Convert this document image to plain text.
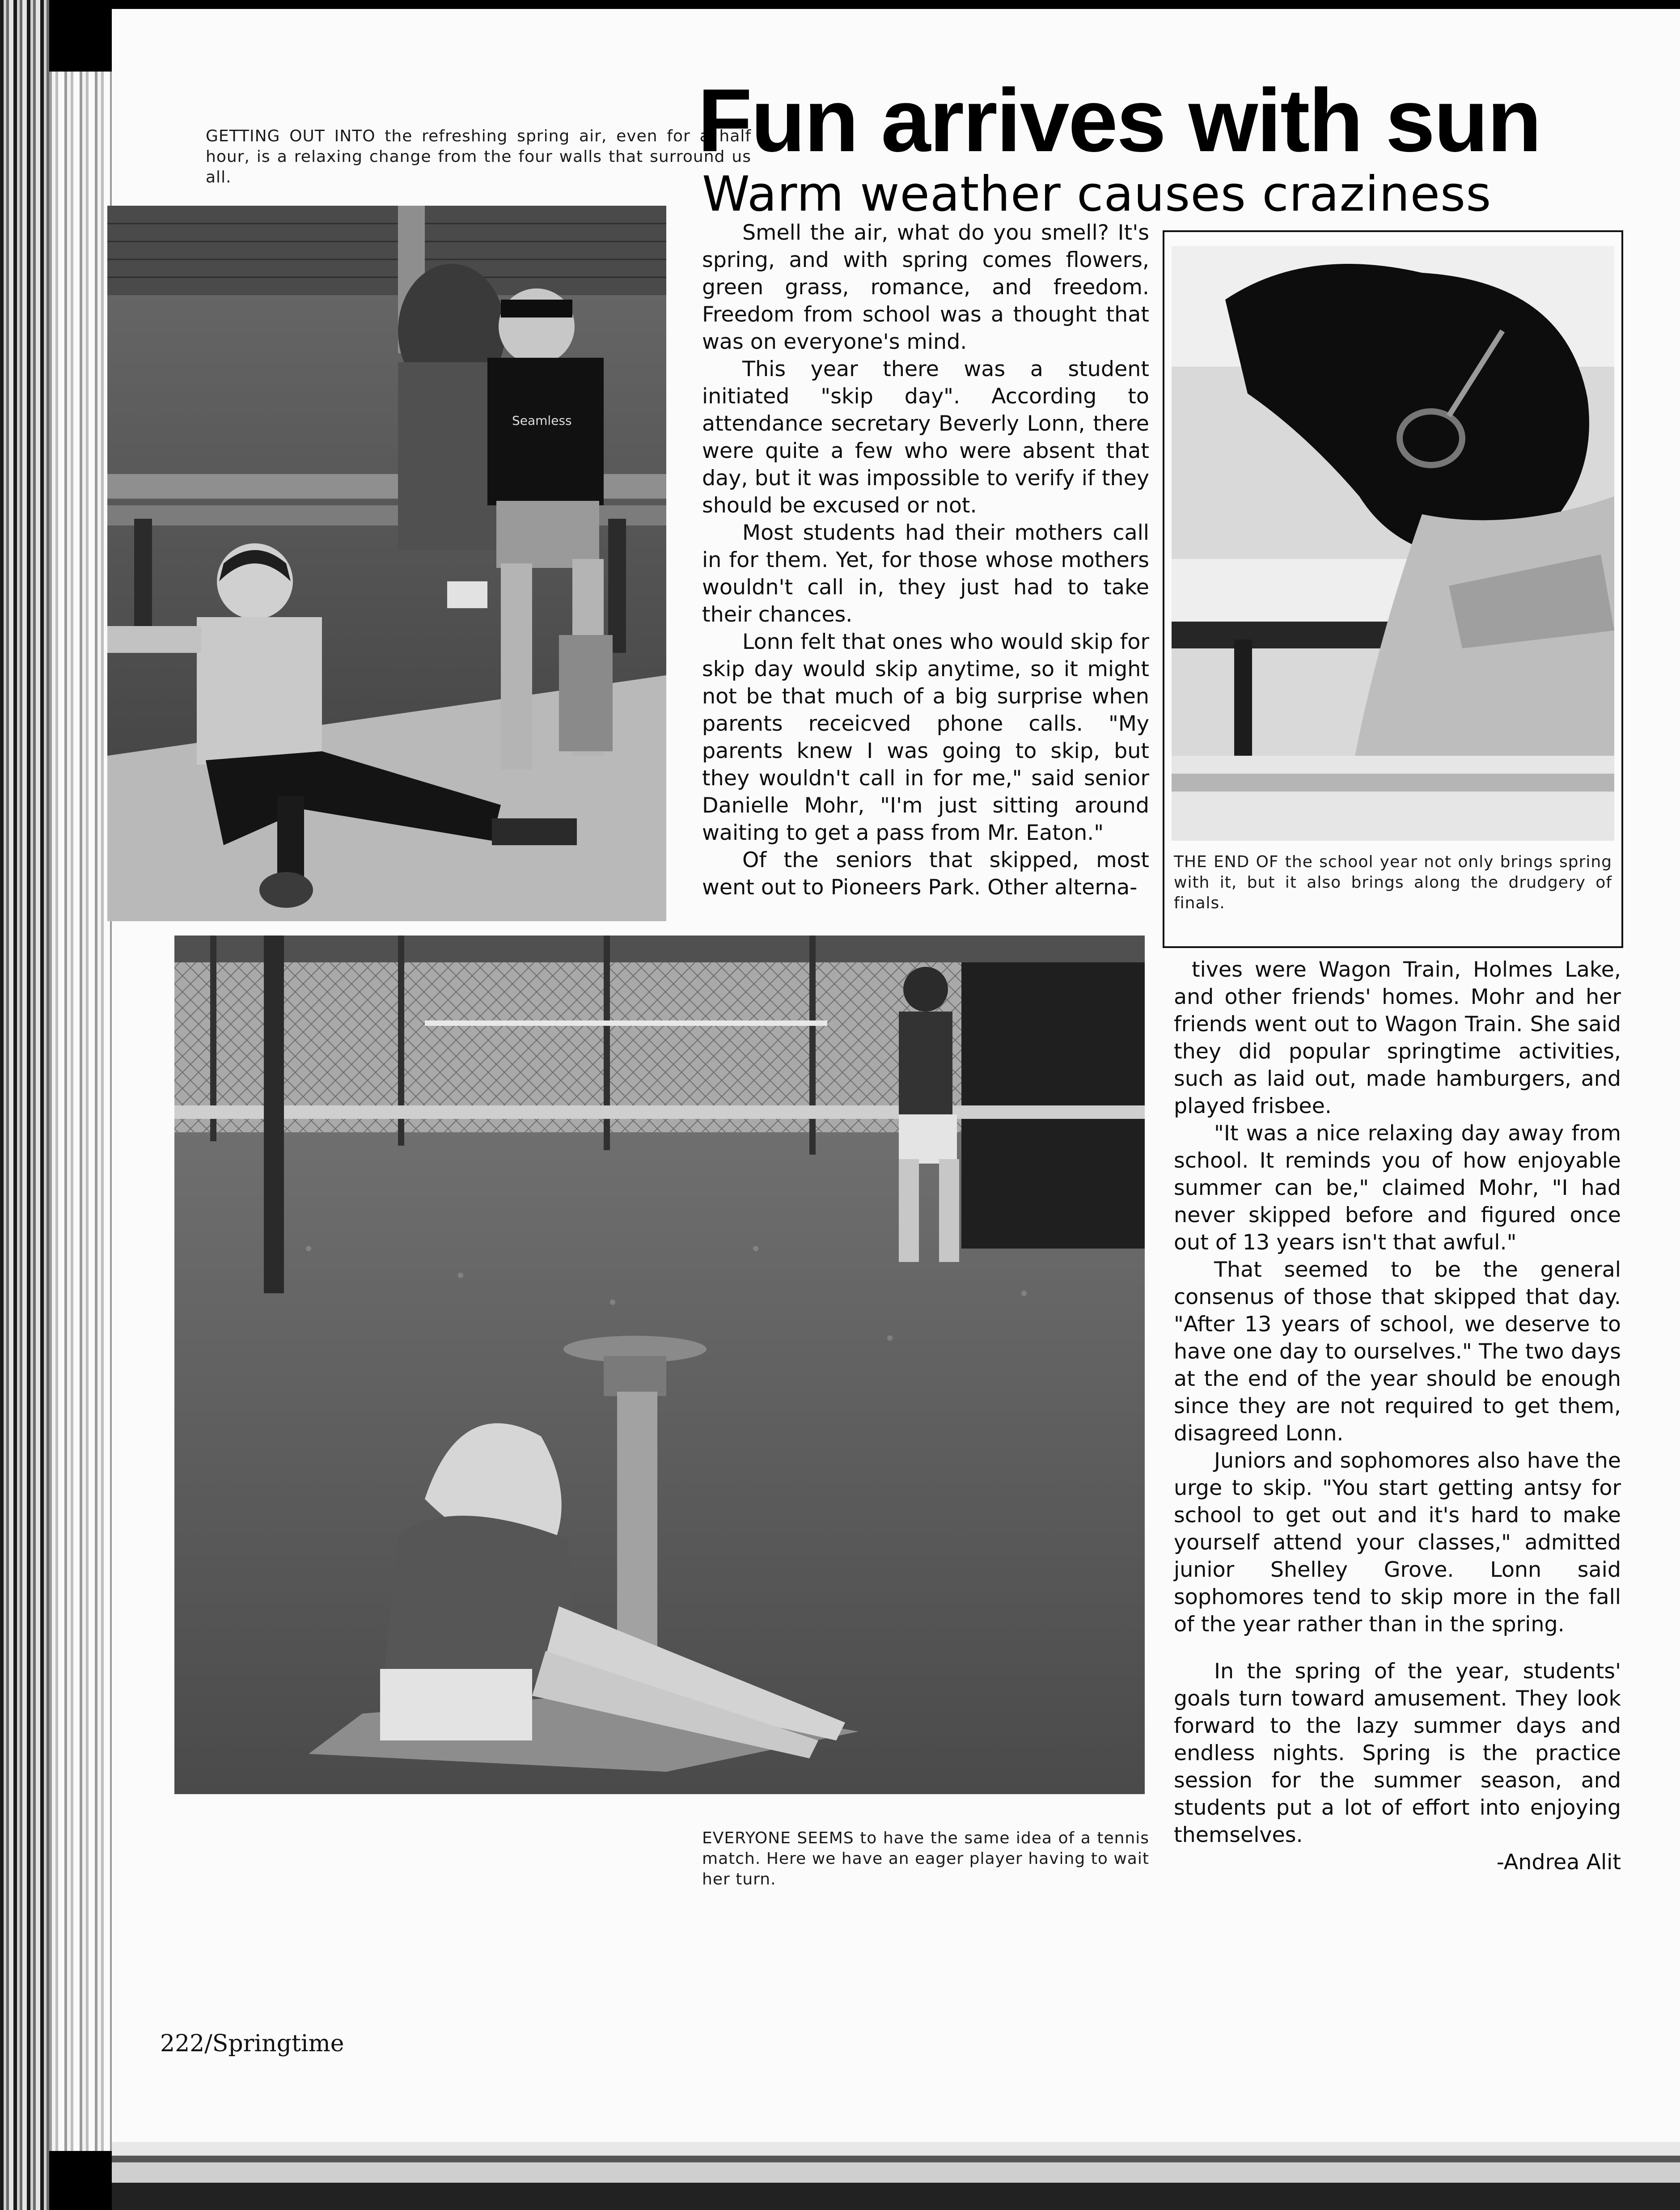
GETTING OUT INTO the refreshing spring air, even for a half hour, is a relaxing change from the four walls that surround us all.
Seamless
Fun arrives with sun
Warm weather causes craziness

Smell the air, what do you smell? It's spring, and with spring comes flowers, green grass, romance, and freedom. Freedom from school was a thought that was on everyone's mind.

This year there was a student initiated "skip day". According to attendance secretary Beverly Lonn, there were quite a few who were absent that day, but it was impossible to verify if they should be excused or not.

Most students had their mothers call in for them. Yet, for those whose mothers wouldn't call in, they just had to take their chances.

Lonn felt that ones who would skip for skip day would skip anytime, so it might not be that much of a big surprise when parents receicved phone calls. "My parents knew I was going to skip, but they wouldn't call in for me," said senior Danielle Mohr, "I'm just sitting around waiting to get a pass from Mr. Eaton."

Of the seniors that skipped, most went out to Pioneers Park. Other alterna-

THE END OF the school year not only brings spring with it, but it also brings along the drudgery of finals.
EVERYONE SEEMS to have the same idea of a tennis match. Here we have an eager player having to wait her turn.

tives were Wagon Train, Holmes Lake, and other friends' homes. Mohr and her friends went out to Wagon Train. She said they did popular springtime activities, such as laid out, made hamburgers, and played frisbee.

"It was a nice relaxing day away from school. It reminds you of how enjoyable summer can be," claimed Mohr, "I had never skipped before and figured once out of 13 years isn't that awful."

That seemed to be the general consenus of those that skipped that day. "After 13 years of school, we deserve to have one day to ourselves." The two days at the end of the year should be enough since they are not required to get them, disagreed Lonn.

Juniors and sophomores also have the urge to skip. "You start getting antsy for school to get out and it's hard to make yourself attend your classes," admitted junior Shelley Grove. Lonn said sophomores tend to skip more in the fall of the year rather than in the spring.

In the spring of the year, students' goals turn toward amusement. They look forward to the lazy summer days and endless nights. Spring is the practice session for the summer season, and students put a lot of effort into enjoying themselves.

-Andrea Alit
222/Springtime
